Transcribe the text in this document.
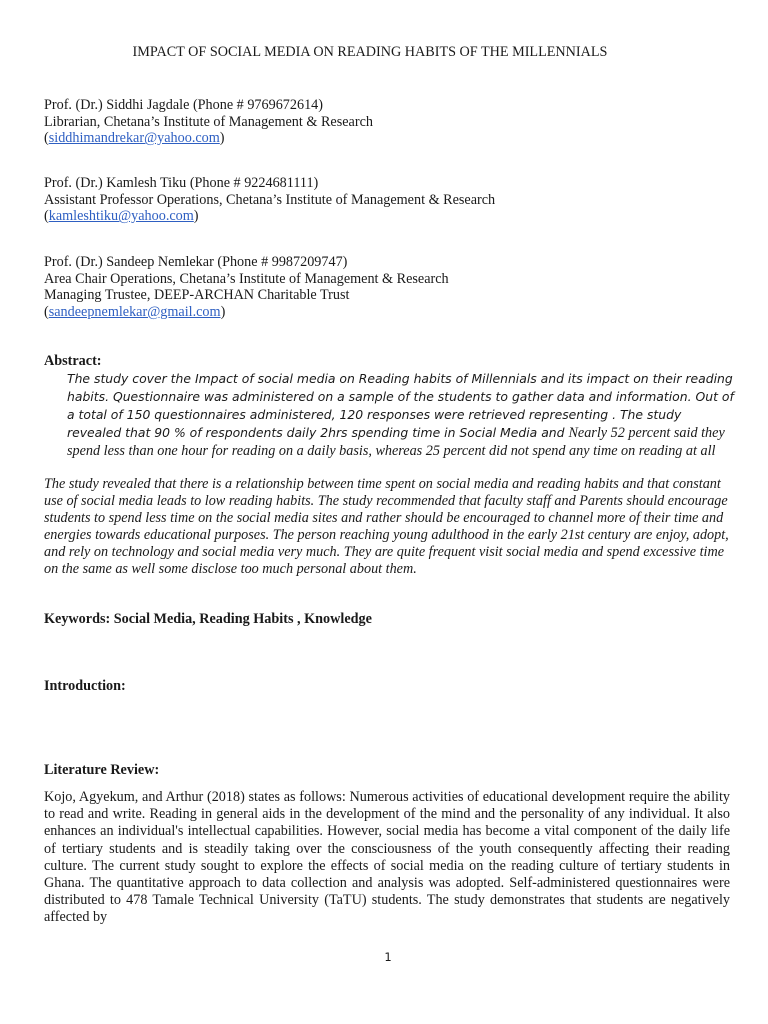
IMPACT OF SOCIAL MEDIA ON READING HABITS OF THE MILLENNIALS
Prof. (Dr.) Siddhi Jagdale (Phone # 9769672614)
Librarian, Chetana’s Institute of Management & Research
(siddhimandrekar@yahoo.com)
Prof. (Dr.) Kamlesh Tiku (Phone # 9224681111)
Assistant Professor Operations, Chetana’s Institute of Management & Research
(kamleshtiku@yahoo.com)
Prof. (Dr.) Sandeep Nemlekar (Phone # 9987209747)
Area Chair Operations, Chetana’s Institute of Management & Research
Managing Trustee, DEEP-ARCHAN Charitable Trust
(sandeepnemlekar@gmail.com)
Abstract:
The study cover the Impact of social media on Reading habits of Millennials and its impact on their reading habits. Questionnaire was administered on a sample of the students to gather data and information. Out of a total of 150 questionnaires administered, 120 responses were retrieved representing . The study revealed that 90 % of respondents daily 2hrs spending time in Social Media and Nearly 52 percent said they spend less than one hour for reading on a daily basis, whereas 25 percent did not spend any time on reading at all
The study revealed that there is a relationship between time spent on social media and reading habits and that constant use of social media leads to low reading habits. The study recommended that faculty staff and Parents should encourage students to spend less time on the social media sites and rather should be encouraged to channel more of their time and energies towards educational purposes. The person reaching young adulthood in the early 21st century are enjoy, adopt, and rely on technology and social media very much. They are quite frequent visit social media and spend excessive time on the same as well some disclose too much personal about them.
Keywords: Social Media, Reading Habits , Knowledge
Introduction:
Literature Review:
Kojo, Agyekum, and Arthur (2018) states as follows: Numerous activities of educational development require the ability to read and write. Reading in general aids in the development of the mind and the personality of any individual. It also enhances an individual's intellectual capabilities. However, social media has become a vital component of the daily life of tertiary students and is steadily taking over the consciousness of the youth consequently affecting their reading culture. The current study sought to explore the effects of social media on the reading culture of tertiary students in Ghana. The quantitative approach to data collection and analysis was adopted. Self-administered questionnaires were distributed to 478 Tamale Technical University (TaTU) students. The study demonstrates that students are negatively affected by
1
